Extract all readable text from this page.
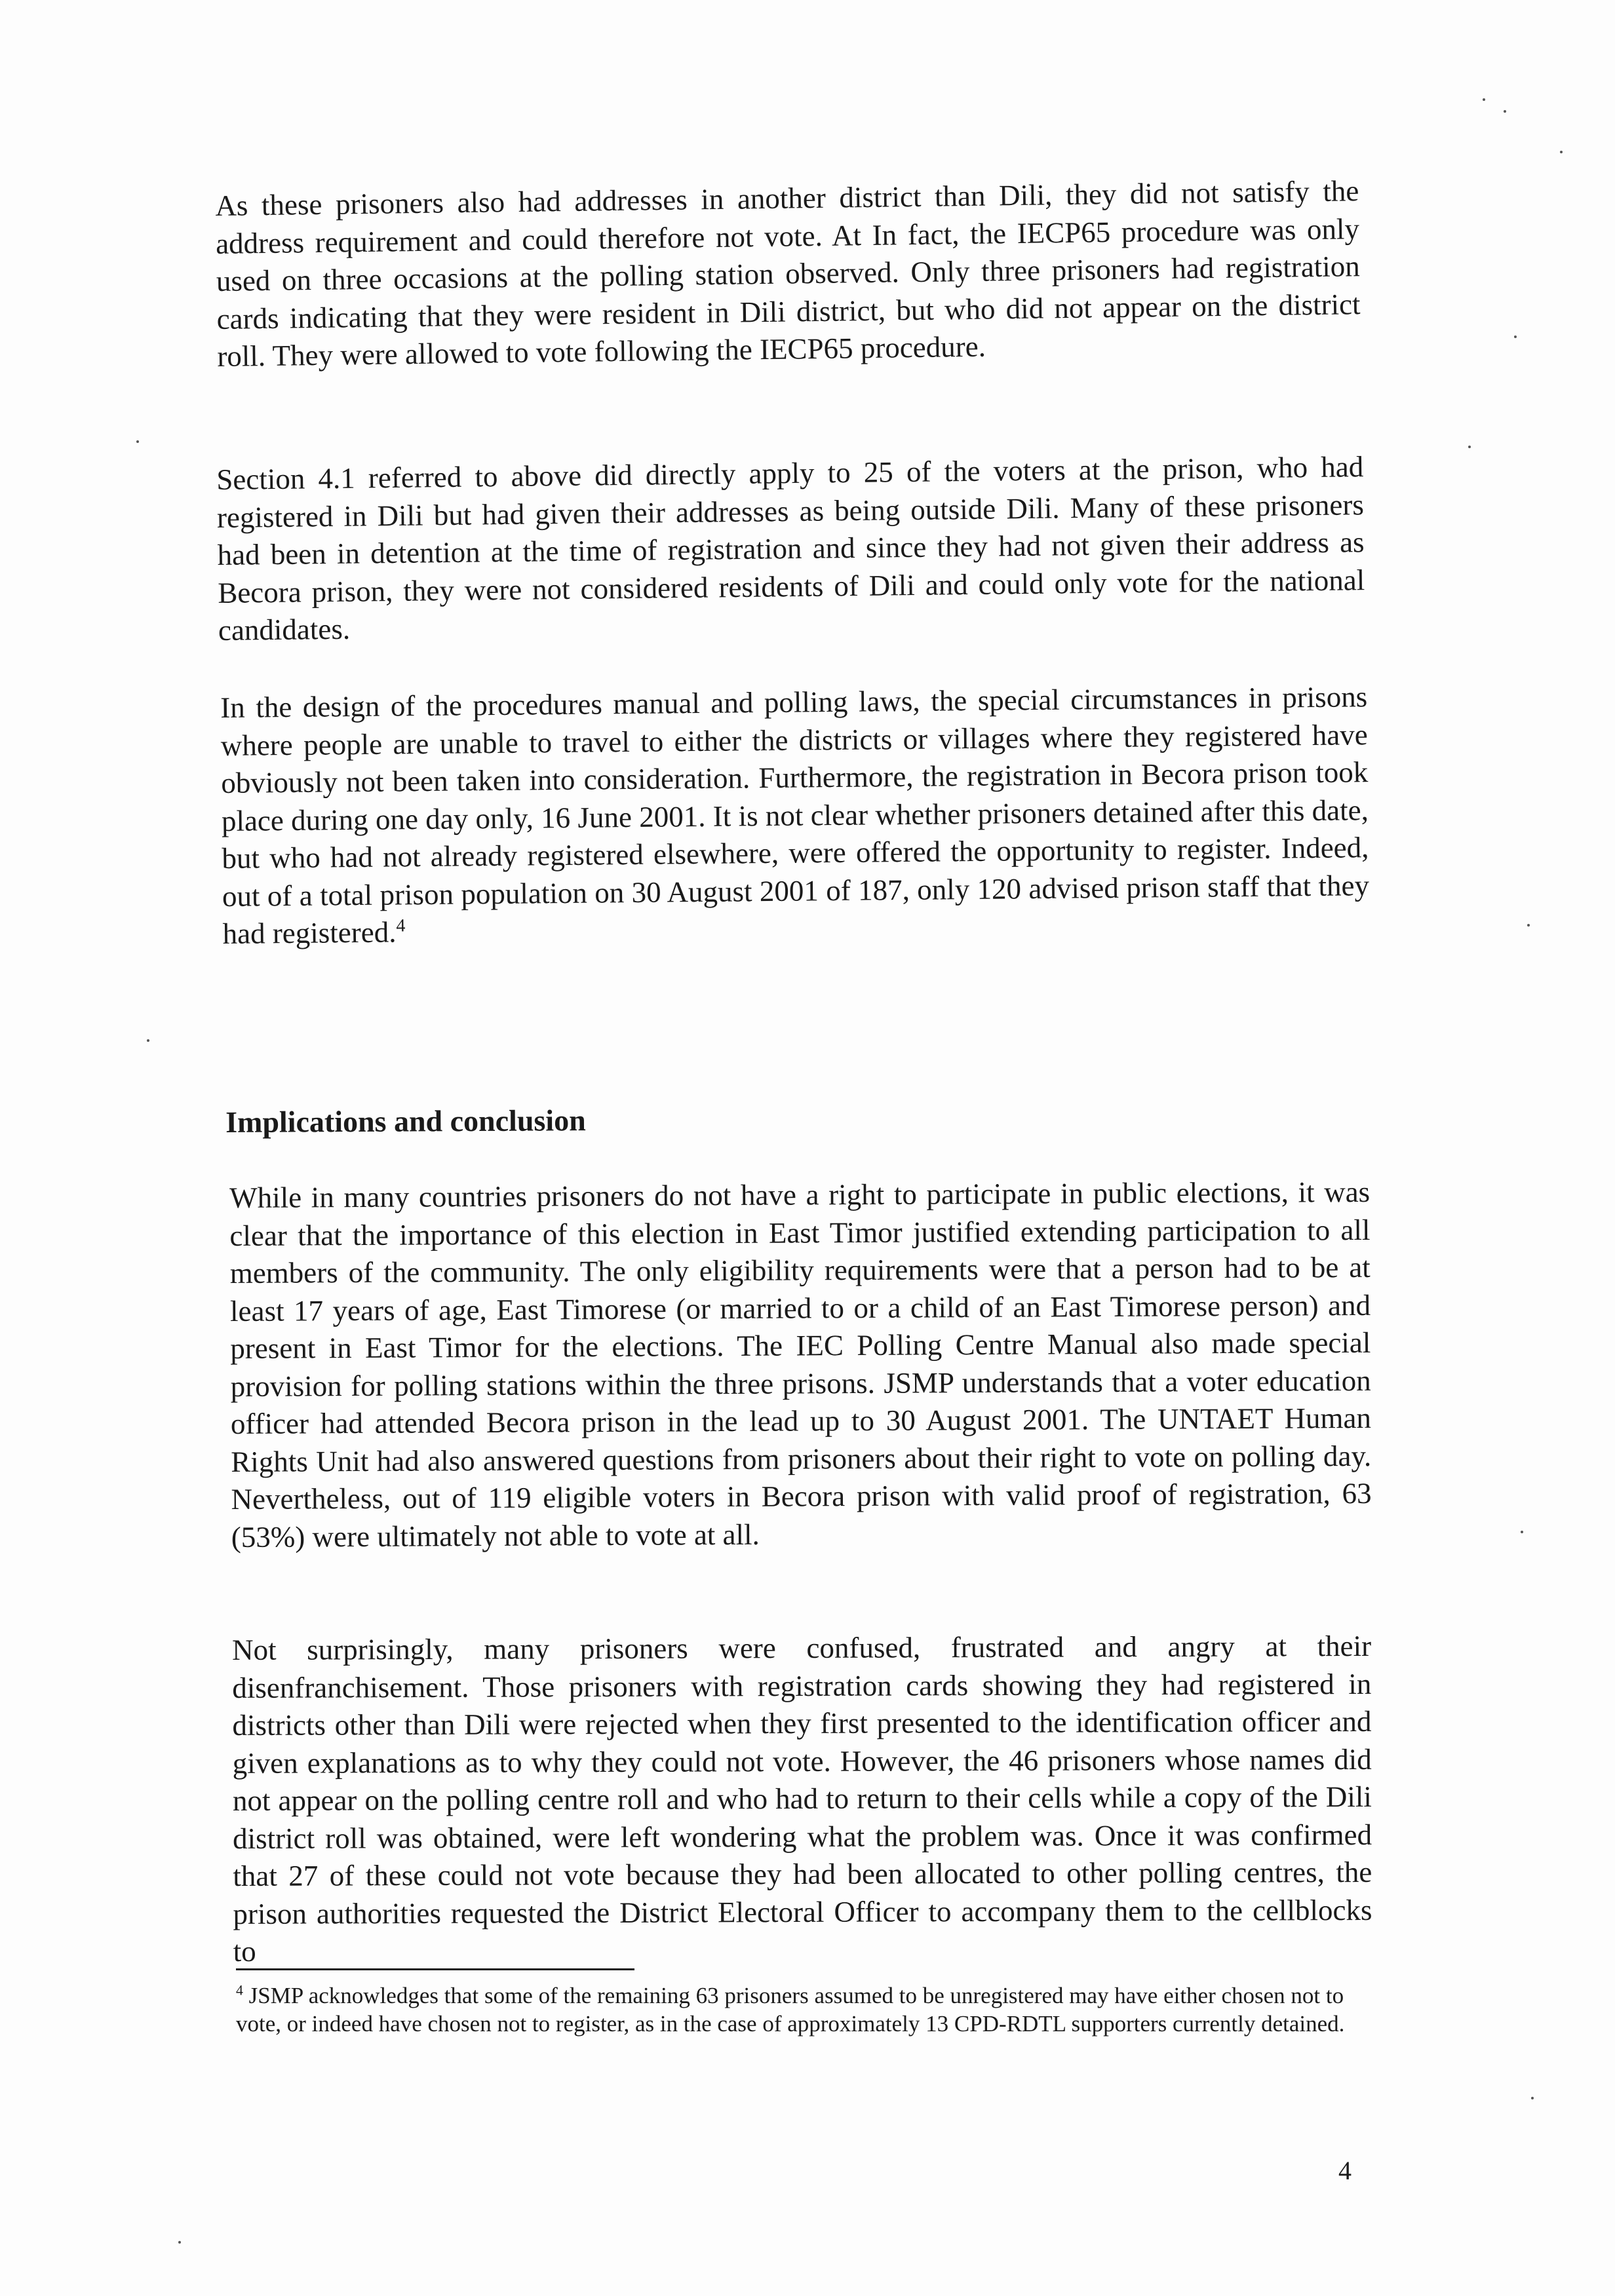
As these prisoners also had addresses in another district than Dili, they did not satisfy the address requirement and could therefore not vote. At In fact, the IECP65 procedure was only used on three occasions at the polling station observed. Only three prisoners had registration cards indicating that they were resident in Dili district, but who did not appear on the district roll. They were allowed to vote following the IECP65 procedure.

Section 4.1 referred to above did directly apply to 25 of the voters at the prison, who had registered in Dili but had given their addresses as being outside Dili. Many of these prisoners had been in detention at the time of registration and since they had not given their address as Becora prison, they were not considered residents of Dili and could only vote for the national candidates.

In the design of the procedures manual and polling laws, the special circumstances in prisons where people are unable to travel to either the districts or villages where they registered have obviously not been taken into consideration. Furthermore, the registration in Becora prison took place during one day only, 16 June 2001. It is not clear whether prisoners detained after this date, but who had not already registered elsewhere, were offered the opportunity to register. Indeed, out of a total prison population on 30 August 2001 of 187, only 120 advised prison staff that they had registered.$^4$

Implications and conclusion

While in many countries prisoners do not have a right to participate in public elections, it was clear that the importance of this election in East Timor justified extending participation to all members of the community. The only eligibility requirements were that a person had to be at least 17 years of age, East Timorese (or married to or a child of an East Timorese person) and present in East Timor for the elections. The IEC Polling Centre Manual also made special provision for polling stations within the three prisons. JSMP understands that a voter education officer had attended Becora prison in the lead up to 30 August 2001. The UNTAET Human Rights Unit had also answered questions from prisoners about their right to vote on polling day. Nevertheless, out of 119 eligible voters in Becora prison with valid proof of registration, 63 (53%) were ultimately not able to vote at all.

Not surprisingly, many prisoners were confused, frustrated and angry at their disenfranchisement. Those prisoners with registration cards showing they had registered in districts other than Dili were rejected when they first presented to the identification officer and given explanations as to why they could not vote. However, the 46 prisoners whose names did not appear on the polling centre roll and who had to return to their cells while a copy of the Dili district roll was obtained, were left wondering what the problem was. Once it was confirmed that 27 of these could not vote because they had been allocated to other polling centres, the prison authorities requested the District Electoral Officer to accompany them to the cellblocks to

$^4$ JSMP acknowledges that some of the remaining 63 prisoners assumed to be unregistered may have either chosen not to vote, or indeed have chosen not to register, as in the case of approximately 13 CPD-RDTL supporters currently detained.

4
